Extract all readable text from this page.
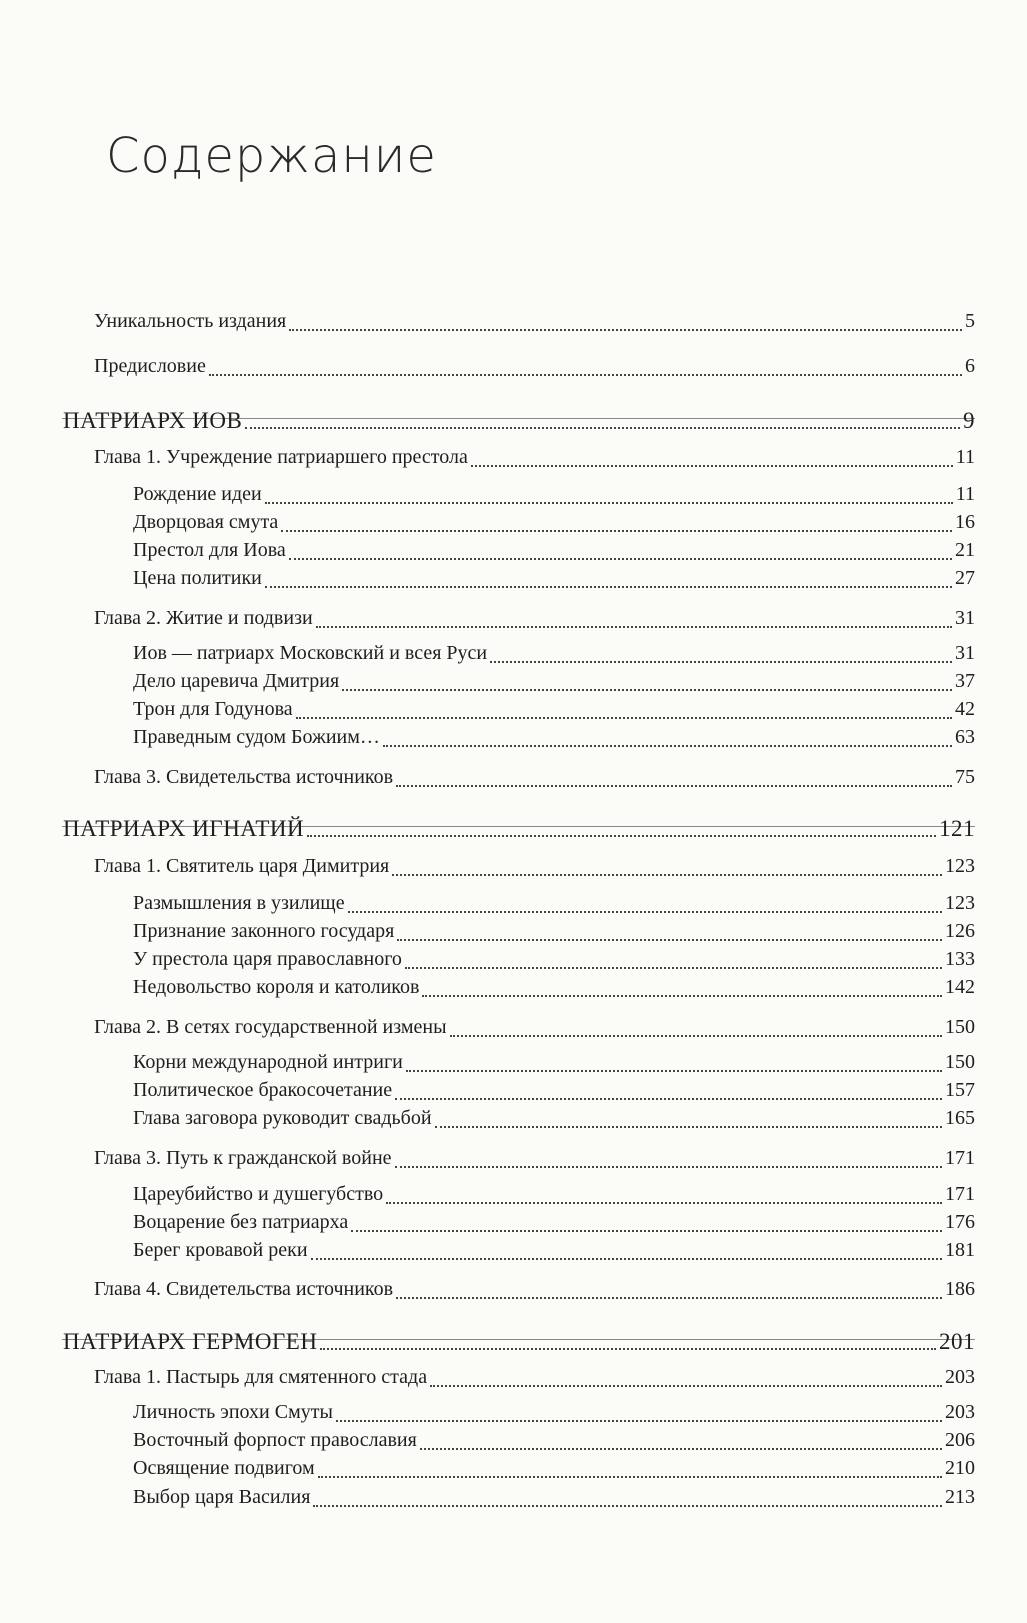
Содержание
Уникальность издания	5
Предисловие	6
ПАТРИАРХ ИОВ	9
Глава 1. Учреждение патриаршего престола	11
Рождение идеи	11
Дворцовая смута	16
Престол для Иова	21
Цена политики	27
Глава 2. Житие и подвизи	31
Иов — патриарх Московский и всея Руси	31
Дело царевича Дмитрия	37
Трон для Годунова	42
Праведным судом Божиим…	63
Глава 3. Свидетельства источников	75
ПАТРИАРХ ИГНАТИЙ	121
Глава 1. Святитель царя Димитрия	123
Размышления в узилище	123
Признание законного государя	126
У престола царя православного	133
Недовольство короля и католиков	142
Глава 2. В сетях государственной измены	150
Корни международной интриги	150
Политическое бракосочетание	157
Глава заговора руководит свадьбой	165
Глава 3. Путь к гражданской войне	171
Цареубийство и душегубство	171
Воцарение без патриарха	176
Берег кровавой реки	181
Глава 4. Свидетельства источников	186
ПАТРИАРХ ГЕРМОГЕН	201
Глава 1. Пастырь для смятенного стада	203
Личность эпохи Смуты	203
Восточный форпост православия	206
Освящение подвигом	210
Выбор царя Василия	213
